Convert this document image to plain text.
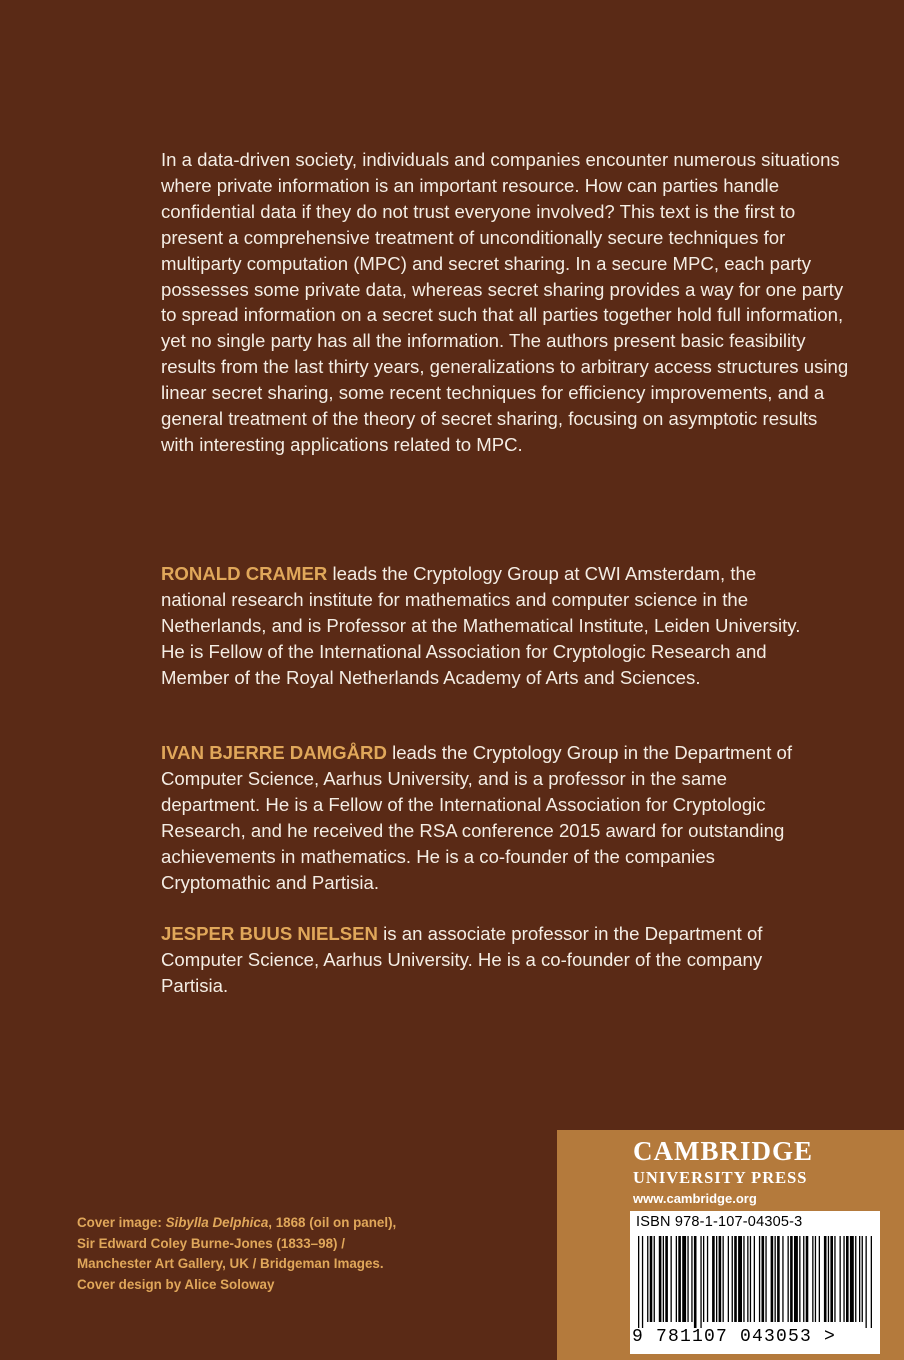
In a data-driven society, individuals and companies encounter numerous situations where private information is an important resource. How can parties handle confidential data if they do not trust everyone involved? This text is the first to present a comprehensive treatment of unconditionally secure techniques for multiparty computation (MPC) and secret sharing. In a secure MPC, each party possesses some private data, whereas secret sharing provides a way for one party to spread information on a secret such that all parties together hold full information, yet no single party has all the information. The authors present basic feasibility results from the last thirty years, generalizations to arbitrary access structures using linear secret sharing, some recent techniques for efficiency improvements, and a general treatment of the theory of secret sharing, focusing on asymptotic results with interesting applications related to MPC.

RONALD CRAMER leads the Cryptology Group at CWI Amsterdam, the national research institute for mathematics and computer science in the Netherlands, and is Professor at the Mathematical Institute, Leiden University. He is Fellow of the International Association for Cryptologic Research and Member of the Royal Netherlands Academy of Arts and Sciences.

IVAN BJERRE DAMGÅRD leads the Cryptology Group in the Department of Computer Science, Aarhus University, and is a professor in the same department. He is a Fellow of the International Association for Cryptologic Research, and he received the RSA conference 2015 award for outstanding achievements in mathematics. He is a co-founder of the companies Cryptomathic and Partisia.

JESPER BUUS NIELSEN is an associate professor in the Department of Computer Science, Aarhus University. He is a co-founder of the company Partisia.

Cover image: Sibylla Delphica, 1868 (oil on panel),
Sir Edward Coley Burne-Jones (1833–98) /
Manchester Art Gallery, UK / Bridgeman Images.

Cover design by Alice Soloway

CAMBRIDGE
UNIVERSITY PRESS
www.cambridge.org
ISBN 978-1-107-04305-3
9 781107 043053 >
